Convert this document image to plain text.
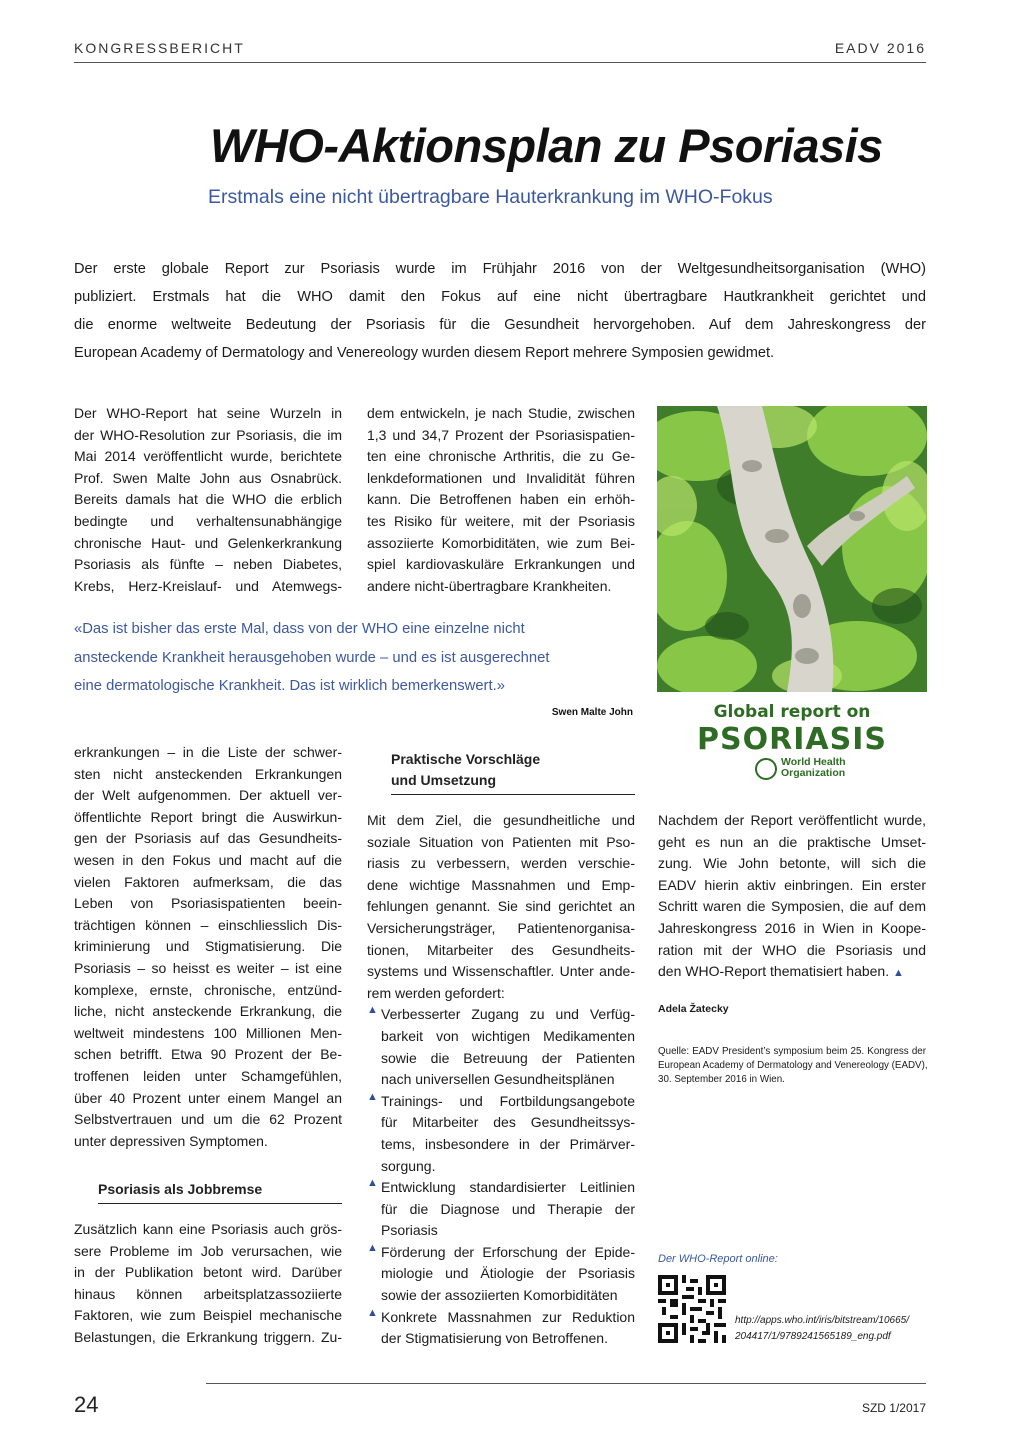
KONGRESSBERICHT	EADV 2016
WHO-Aktionsplan zu Psoriasis
Erstmals eine nicht übertragbare Hauterkrankung im WHO-Fokus

Der erste globale Report zur Psoriasis wurde im Frühjahr 2016 von der Weltgesundheitsorganisation (WHO)

publiziert. Erstmals hat die WHO damit den Fokus auf eine nicht übertragbare Hautkrankheit gerichtet und

die enorme weltweite Bedeutung der Psoriasis für die Gesundheit hervorgehoben. Auf dem Jahreskongress der

European Academy of Dermatology and Venereology wurden diesem Report mehrere Symposien gewidmet.

Der WHO-Report hat seine Wurzeln in

der WHO-Resolution zur Psoriasis, die im

Mai 2014 veröffentlicht wurde, berichtete

Prof. Swen Malte John aus Osnabrück.

Bereits damals hat die WHO die erblich

bedingte und verhaltensunabhängige

chronische Haut- und Gelenkerkrankung

Psoriasis als fünfte – neben Diabetes,

Krebs, Herz-Kreislauf- und Atemwegs-

dem entwickeln, je nach Studie, zwischen

1,3 und 34,7 Prozent der Psoriasispatien-

ten eine chronische Arthritis, die zu Ge-

lenkdeformationen und Invalidität führen

kann. Die Betroffenen haben ein erhöh-

tes Risiko für weitere, mit der Psoriasis

assoziierte Komorbiditäten, wie zum Bei-

spiel kardiovaskuläre Erkrankungen und

andere nicht-übertragbare Krankheiten.

Global report on
PSORIASIS
World Health
Organization

«Das ist bisher das erste Mal, dass von der WHO eine einzelne nicht

ansteckende Krankheit herausgehoben wurde – und es ist ausgerechnet

eine dermatologische Krankheit. Das ist wirklich bemerkenswert.»

Swen Malte John

erkrankungen – in die Liste der schwer-

sten nicht ansteckenden Erkrankungen

der Welt aufgenommen. Der aktuell ver-

öffentlichte Report bringt die Auswirkun-

gen der Psoriasis auf das Gesundheits-

wesen in den Fokus und macht auf die

vielen Faktoren aufmerksam, die das

Leben von Psoriasispatienten beein-

trächtigen können – einschliesslich Dis-

kriminierung und Stigmatisierung. Die

Psoriasis – so heisst es weiter – ist eine

komplexe, ernste, chronische, entzünd-

liche, nicht ansteckende Erkrankung, die

weltweit mindestens 100 Millionen Men-

schen betrifft. Etwa 90 Prozent der Be-

troffenen leiden unter Schamgefühlen,

über 40 Prozent unter einem Mangel an

Selbstvertrauen und um die 62 Prozent

unter depressiven Symptomen.

Psoriasis als Jobbremse

Zusätzlich kann eine Psoriasis auch grös-

sere Probleme im Job verursachen, wie

in der Publikation betont wird. Darüber

hinaus können arbeitsplatzassoziierte

Faktoren, wie zum Beispiel mechanische

Belastungen, die Erkrankung triggern. Zu-

Praktische Vorschläge
und Umsetzung

Mit dem Ziel, die gesundheitliche und

soziale Situation von Patienten mit Pso-

riasis zu verbessern, werden verschie-

dene wichtige Massnahmen und Emp-

fehlungen genannt. Sie sind gerichtet an

Versicherungsträger, Patientenorganisa-

tionen, Mitarbeiter des Gesundheits-

systems und Wissenschaftler. Unter ande-

rem werden gefordert:

▲ Verbesserter Zugang zu und Verfüg-

barkeit von wichtigen Medikamenten

sowie die Betreuung der Patienten

nach universellen Gesundheitsplänen

▲ Trainings- und Fortbildungsangebote

für Mitarbeiter des Gesundheitssys-

tems, insbesondere in der Primärver-

sorgung.

▲ Entwicklung standardisierter Leitlinien

für die Diagnose und Therapie der

Psoriasis

▲ Förderung der Erforschung der Epide-

miologie und Ätiologie der Psoriasis

sowie der assoziierten Komorbiditäten

▲ Konkrete Massnahmen zur Reduktion

der Stigmatisierung von Betroffenen.

Nachdem der Report veröffentlicht wurde,

geht es nun an die praktische Umset-

zung. Wie John betonte, will sich die

EADV hierin aktiv einbringen. Ein erster

Schritt waren die Symposien, die auf dem

Jahreskongress 2016 in Wien in Koope-

ration mit der WHO die Psoriasis und

den WHO-Report thematisiert haben. ▲

Adela Žatecky

Quelle: EADV President’s symposium beim 25. Kongress der

European Academy of Dermatology and Venereology (EADV),

30. September 2016 in Wien.

Der WHO-Report online:

http://apps.who.int/iris/bitstream/10665/

204417/1/9789241565189_eng.pdf

24	SZD 1/2017
